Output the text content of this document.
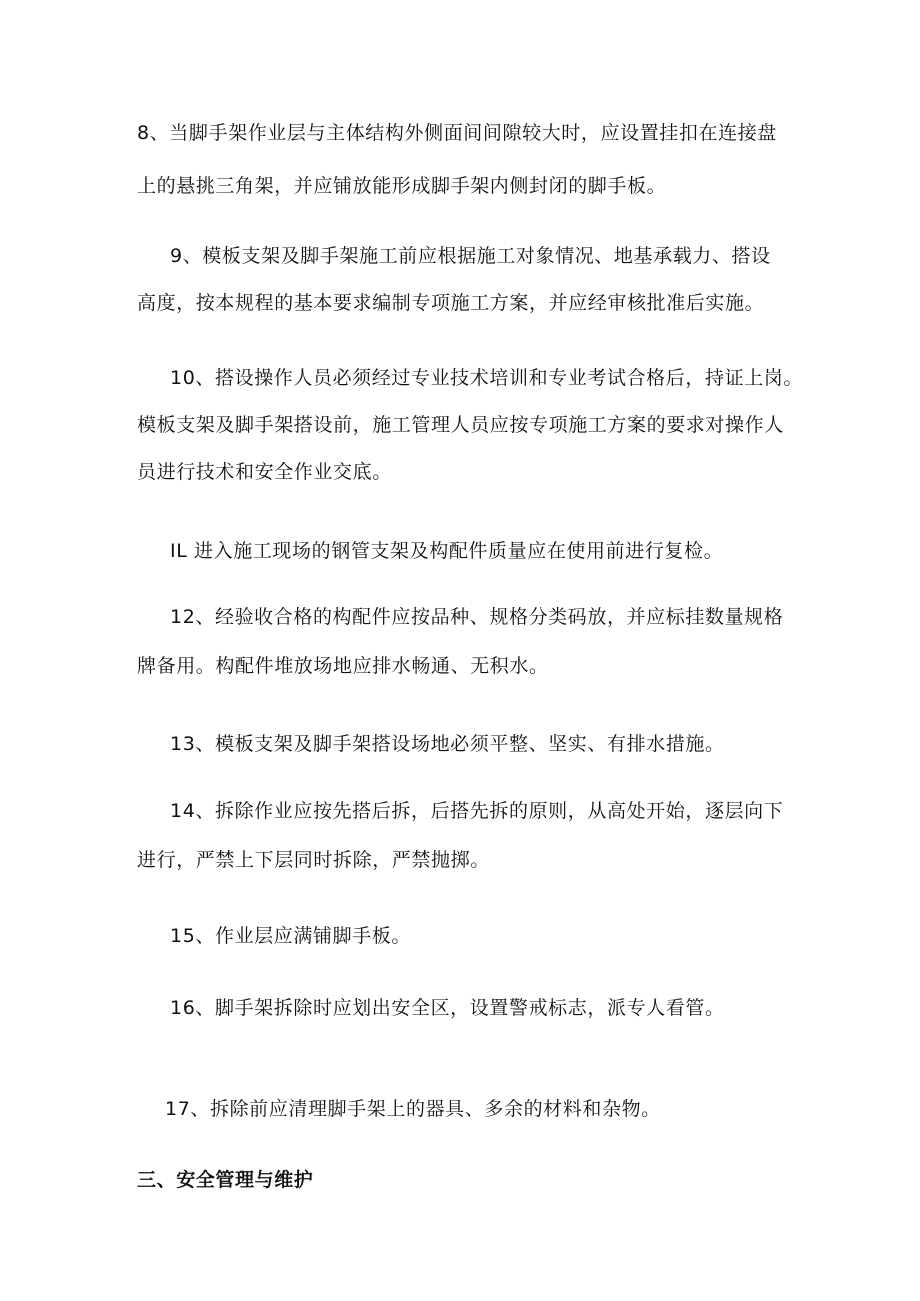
8、当脚手架作业层与主体结构外侧面间间隙较大时，应设置挂扣在连接盘
上的悬挑三角架，并应铺放能形成脚手架内侧封闭的脚手板。
9、模板支架及脚手架施工前应根据施工对象情况、地基承载力、搭设
高度，按本规程的基本要求编制专项施工方案，并应经审核批准后实施。
10、搭设操作人员必须经过专业技术培训和专业考试合格后，持证上岗。
模板支架及脚手架搭设前，施工管理人员应按专项施工方案的要求对操作人
员进行技术和安全作业交底。
IL 进入施工现场的钢管支架及构配件质量应在使用前进行复检。
12、经验收合格的构配件应按品种、规格分类码放，并应标挂数量规格
牌备用。构配件堆放场地应排水畅通、无积水。
13、模板支架及脚手架搭设场地必须平整、坚实、有排水措施。
14、拆除作业应按先搭后拆，后搭先拆的原则，从高处开始，逐层向下
进行，严禁上下层同时拆除，严禁抛掷。
15、作业层应满铺脚手板。
16、脚手架拆除时应划出安全区，设置警戒标志，派专人看管。
17、拆除前应清理脚手架上的器具、多余的材料和杂物。
三、安全管理与维护
